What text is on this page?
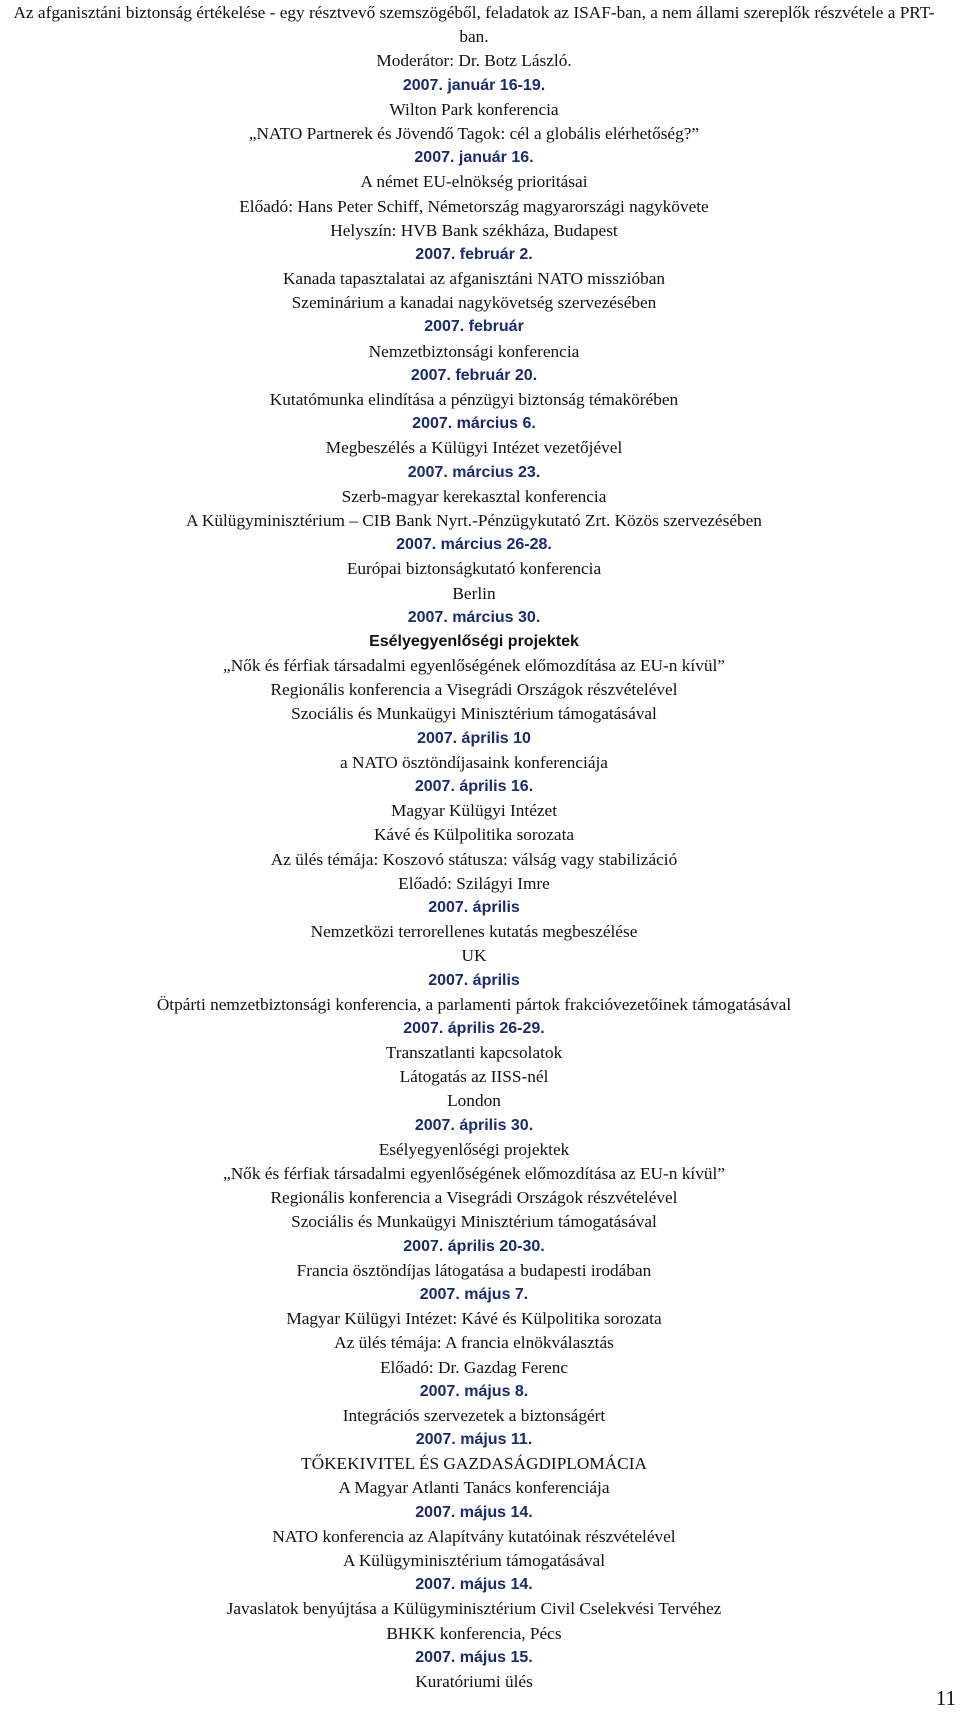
Az afganisztáni biztonság értékelése - egy résztvevő szemszögéből, feladatok az ISAF-ban, a nem állami szereplők részvétele a PRT-ban.
Moderátor: Dr. Botz László.
2007. január 16-19.
Wilton Park konferencia
„NATO Partnerek és Jövendő Tagok: cél a globális elérhetőség?”
2007. január 16.
A német EU-elnökség prioritásai
Előadó: Hans Peter Schiff, Németország magyarországi nagykövete
Helyszín: HVB Bank székháza, Budapest
2007. február 2.
Kanada tapasztalatai az afganisztáni NATO misszióban
Szeminárium a kanadai nagykövetség szervezésében
2007. február
Nemzetbiztonsági konferencia
2007. február 20.
Kutatómunka elindítása a pénzügyi biztonság témakörében
2007. március 6.
Megbeszélés a Külügyi Intézet vezetőjével
2007. március 23.
Szerb-magyar kerekasztal konferencia
A Külügyminisztérium – CIB Bank Nyrt.-Pénzügykutató Zrt. Közös szervezésében
2007. március 26-28.
Európai biztonságkutató konferencia
Berlin
2007. március 30.
Esélyegyenlőségi projektek
„Nők és férfiak társadalmi egyenlőségének előmozdítása az EU-n kívül”
Regionális konferencia a Visegrádi Országok részvételével
Szociális és Munkaügyi Minisztérium támogatásával
2007. április 10
a NATO ösztöndíjasaink konferenciája
2007. április 16.
Magyar Külügyi Intézet
Kávé és Külpolitika sorozata
Az ülés témája: Koszovó státusza: válság vagy stabilizáció
Előadó: Szilágyi Imre
2007. április
Nemzetközi terrorellenes kutatás megbeszélése
UK
2007. április
Ötpárti nemzetbiztonsági konferencia, a parlamenti pártok frakcióvezetőinek támogatásával
2007. április 26-29.
Transzatlanti kapcsolatok
Látogatás az IISS-nél
London
2007. április 30.
Esélyegyenlőségi projektek
„Nők és férfiak társadalmi egyenlőségének előmozdítása az EU-n kívül”
Regionális konferencia a Visegrádi Országok részvételével
Szociális és Munkaügyi Minisztérium támogatásával
2007. április 20-30.
Francia ösztöndíjas látogatása a budapesti irodában
2007. május 7.
Magyar Külügyi Intézet: Kávé és Külpolitika sorozata
Az ülés témája: A francia elnökválasztás
Előadó: Dr. Gazdag Ferenc
2007. május 8.
Integrációs szervezetek a biztonságért
2007. május 11.
TŐKEKIVITEL ÉS GAZDASÁGDIPLOMÁCIA
A Magyar Atlanti Tanács konferenciája
2007. május 14.
NATO konferencia az Alapítvány kutatóinak részvételével
A Külügyminisztérium támogatásával
2007. május 14.
Javaslatok benyújtása a Külügyminisztérium Civil Cselekvési Tervéhez
BHKK konferencia, Pécs
2007. május 15.
Kuratóriumi ülés
11
